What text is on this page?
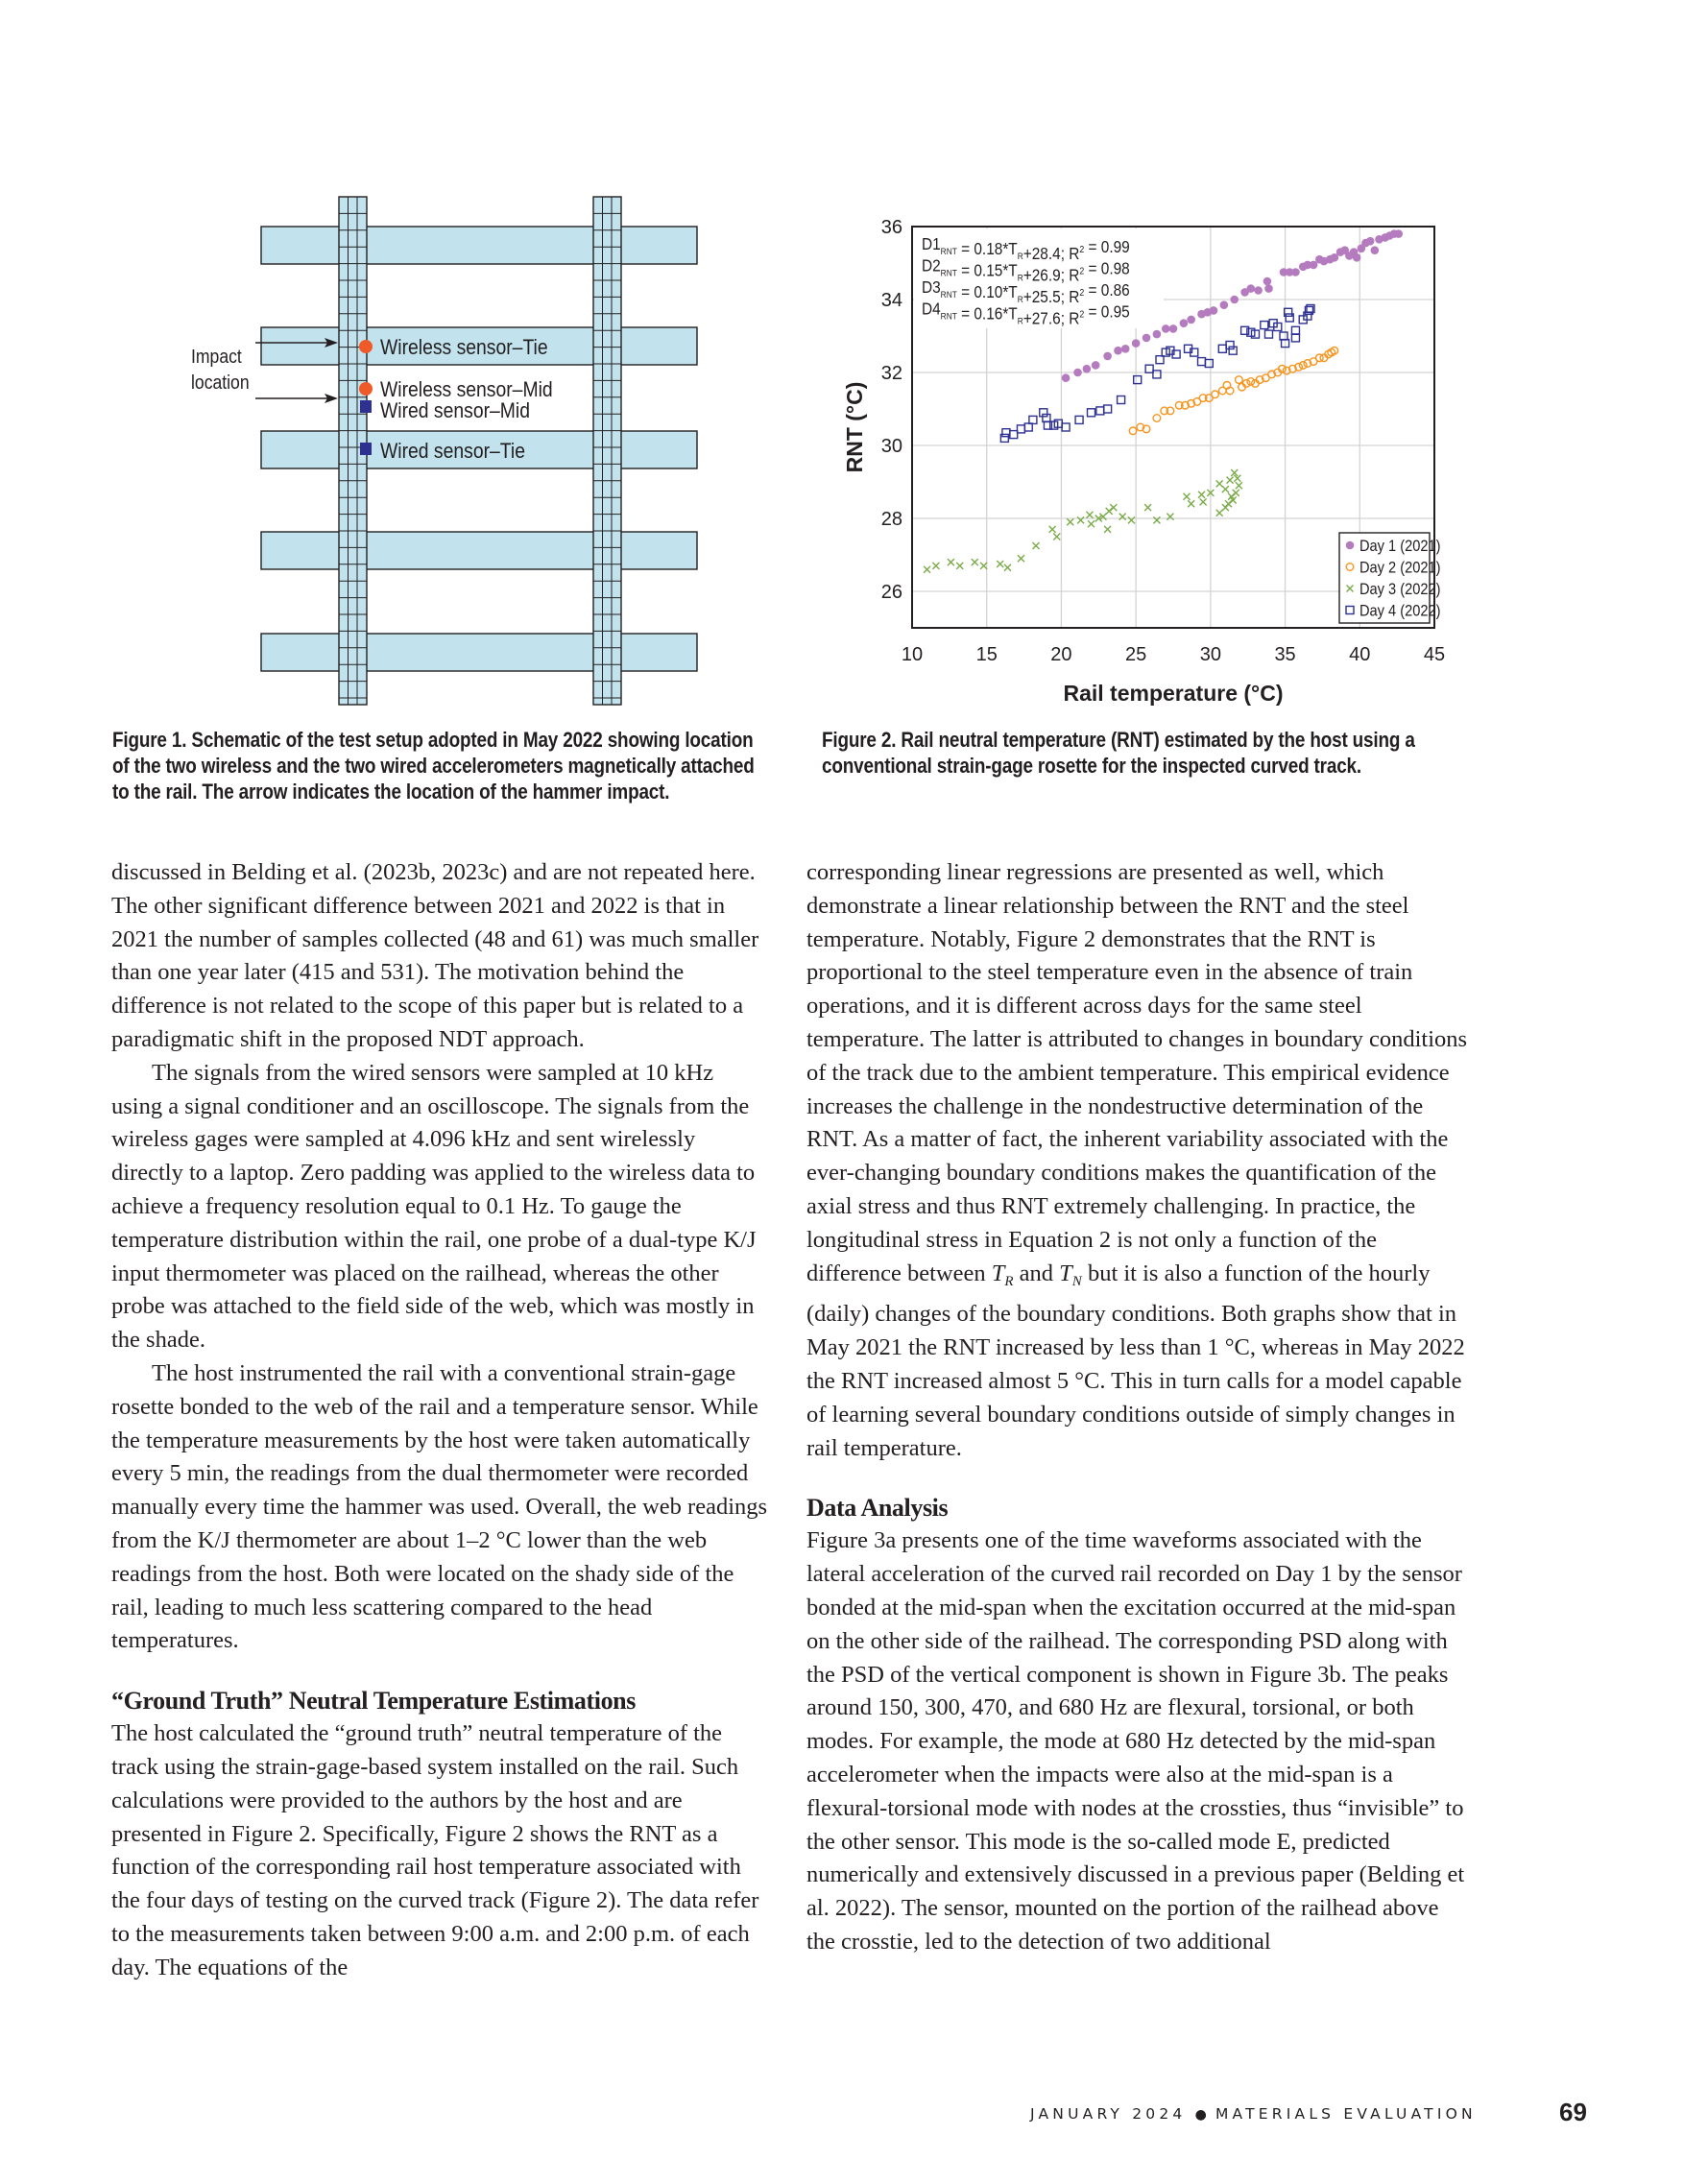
Impact
location
Wireless sensor–Tie
Wireless sensor–Mid
Wired sensor–Mid
Wired sensor–Tie
Figure 1. Schematic of the test setup adopted in May 2022 showing location of the two wireless and the two wired accelerometers magnetically attached to the rail. The arrow indicates the location of the hammer impact.
10	15	20	25	30	35	40	45
26
28
30
32
34
36
$D1_{RNT} = 0.18*T_R+28.4$; $R^2 = 0.99$
$D2_{RNT} = 0.15*T_R+26.9$; $R^2 = 0.98$
$D3_{RNT} = 0.10*T_R+25.5$; $R^2 = 0.86$
$D4_{RNT} = 0.16*T_R+27.6$; $R^2 = 0.95$
Day 1 (2021)
Day 2 (2021)
Day 3 (2022)
Day 4 (2022)
Rail temperature (°C)
RNT (°C)
Figure 2. Rail neutral temperature (RNT) estimated by the host using a conventional strain-gage rosette for the inspected curved track.

discussed in Belding et al. (2023b, 2023c) and are not repeated here. The other significant difference between 2021 and 2022 is that in 2021 the number of samples collected (48 and 61) was much smaller than one year later (415 and 531). The motivation behind the difference is not related to the scope of this paper but is related to a paradigmatic shift in the proposed NDT approach.

The signals from the wired sensors were sampled at 10 kHz using a signal conditioner and an oscilloscope. The signals from the wireless gages were sampled at 4.096 kHz and sent wirelessly directly to a laptop. Zero padding was applied to the wireless data to achieve a frequency resolution equal to 0.1 Hz. To gauge the temperature distribution within the rail, one probe of a dual-type K/J input thermometer was placed on the railhead, whereas the other probe was attached to the field side of the web, which was mostly in the shade.

The host instrumented the rail with a conventional strain-gage rosette bonded to the web of the rail and a temperature sensor. While the temperature measurements by the host were taken automatically every 5 min, the readings from the dual thermometer were recorded manually every time the hammer was used. Overall, the web readings from the K/J thermometer are about 1–2 °C lower than the web readings from the host. Both were located on the shady side of the rail, leading to much less scattering compared to the head temperatures.

“Ground Truth” Neutral Temperature Estimations

The host calculated the “ground truth” neutral temperature of the track using the strain-gage-based system installed on the rail. Such calculations were provided to the authors by the host and are presented in Figure 2. Specifically, Figure 2 shows the RNT as a function of the corresponding rail host temperature associated with the four days of testing on the curved track (Figure 2). The data refer to the measurements taken between 9:00 a.m. and 2:00 p.m. of each day. The equations of the

corresponding linear regressions are presented as well, which demonstrate a linear relationship between the RNT and the steel temperature. Notably, Figure 2 demonstrates that the RNT is proportional to the steel temperature even in the absence of train operations, and it is different across days for the same steel temperature. The latter is attributed to changes in boundary conditions of the track due to the ambient temperature. This empirical evidence increases the challenge in the nondestructive determination of the RNT. As a matter of fact, the inherent variability associated with the ever-changing boundary conditions makes the quantification of the axial stress and thus RNT extremely challenging. In practice, the longitudinal stress in Equation 2 is not only a function of the difference between $T_R$ and $T_N$ but it is also a function of the hourly (daily) changes of the boundary conditions. Both graphs show that in May 2021 the RNT increased by less than 1 °C, whereas in May 2022 the RNT increased almost 5 °C. This in turn calls for a model capable of learning several boundary conditions outside of simply changes in rail temperature.

Data Analysis

Figure 3a presents one of the time waveforms associated with the lateral acceleration of the curved rail recorded on Day 1 by the sensor bonded at the mid-span when the excitation occurred at the mid-span on the other side of the railhead. The corresponding PSD along with the PSD of the vertical component is shown in Figure 3b. The peaks around 150, 300, 470, and 680 Hz are flexural, torsional, or both modes. For example, the mode at 680 Hz detected by the mid-span accelerometer when the impacts were also at the mid-span is a flexural-torsional mode with nodes at the crossties, thus “invisible” to the other sensor. This mode is the so-called mode E, predicted numerically and extensively discussed in a previous paper (Belding et al. 2022). The sensor, mounted on the portion of the railhead above the crosstie, led to the detection of two additional

JANUARY 2024 ● MATERIALS EVALUATION	69
